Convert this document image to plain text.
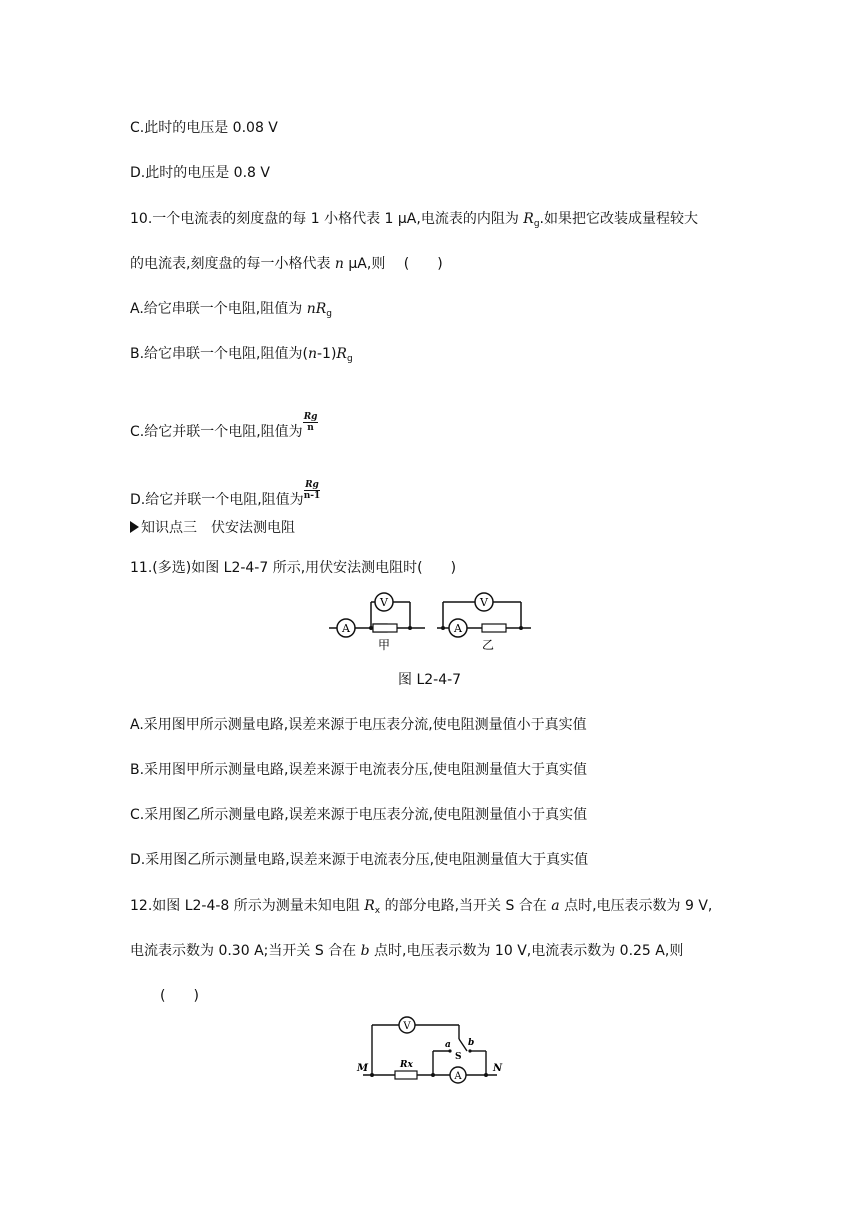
C.此时的电压是 0.08 V
D.此时的电压是 0.8 V
10.一个电流表的刻度盘的每 1 小格代表 1 μA,电流表的内阻为 $R_g$.如果把它改装成量程较大
的电流表,刻度盘的每一小格代表 n μA,则　 (　　)
A.给它串联一个电阻,阻值为 $nR_g$
B.给它串联一个电阻,阻值为$(n-1)R_g$
C.给它并联一个电阻,阻值为 $\frac{Rg}{n}$
D.给它并联一个电阻,阻值为 $\frac{Rg}{n-1}$
知识点三　伏安法测电阻
11.(多选)如图 L2-4-7 所示,用伏安法测电阻时(　　)
A
V
A
V
甲	乙
图 L2-4-7
A.采用图甲所示测量电路,误差来源于电压表分流,使电阻测量值小于真实值
B.采用图甲所示测量电路,误差来源于电流表分压,使电阻测量值大于真实值
C.采用图乙所示测量电路,误差来源于电压表分流,使电阻测量值小于真实值
D.采用图乙所示测量电路,误差来源于电流表分压,使电阻测量值大于真实值
12.如图 L2-4-8 所示为测量未知电阻 $R_x$ 的部分电路,当开关 S 合在 a 点时,电压表示数为 9 V,
电流表示数为 0.30 A;当开关 S 合在 b 点时,电压表示数为 10 V,电流表示数为 0.25 A,则
(　　)
V
A
M	N
Rx
S
a b
